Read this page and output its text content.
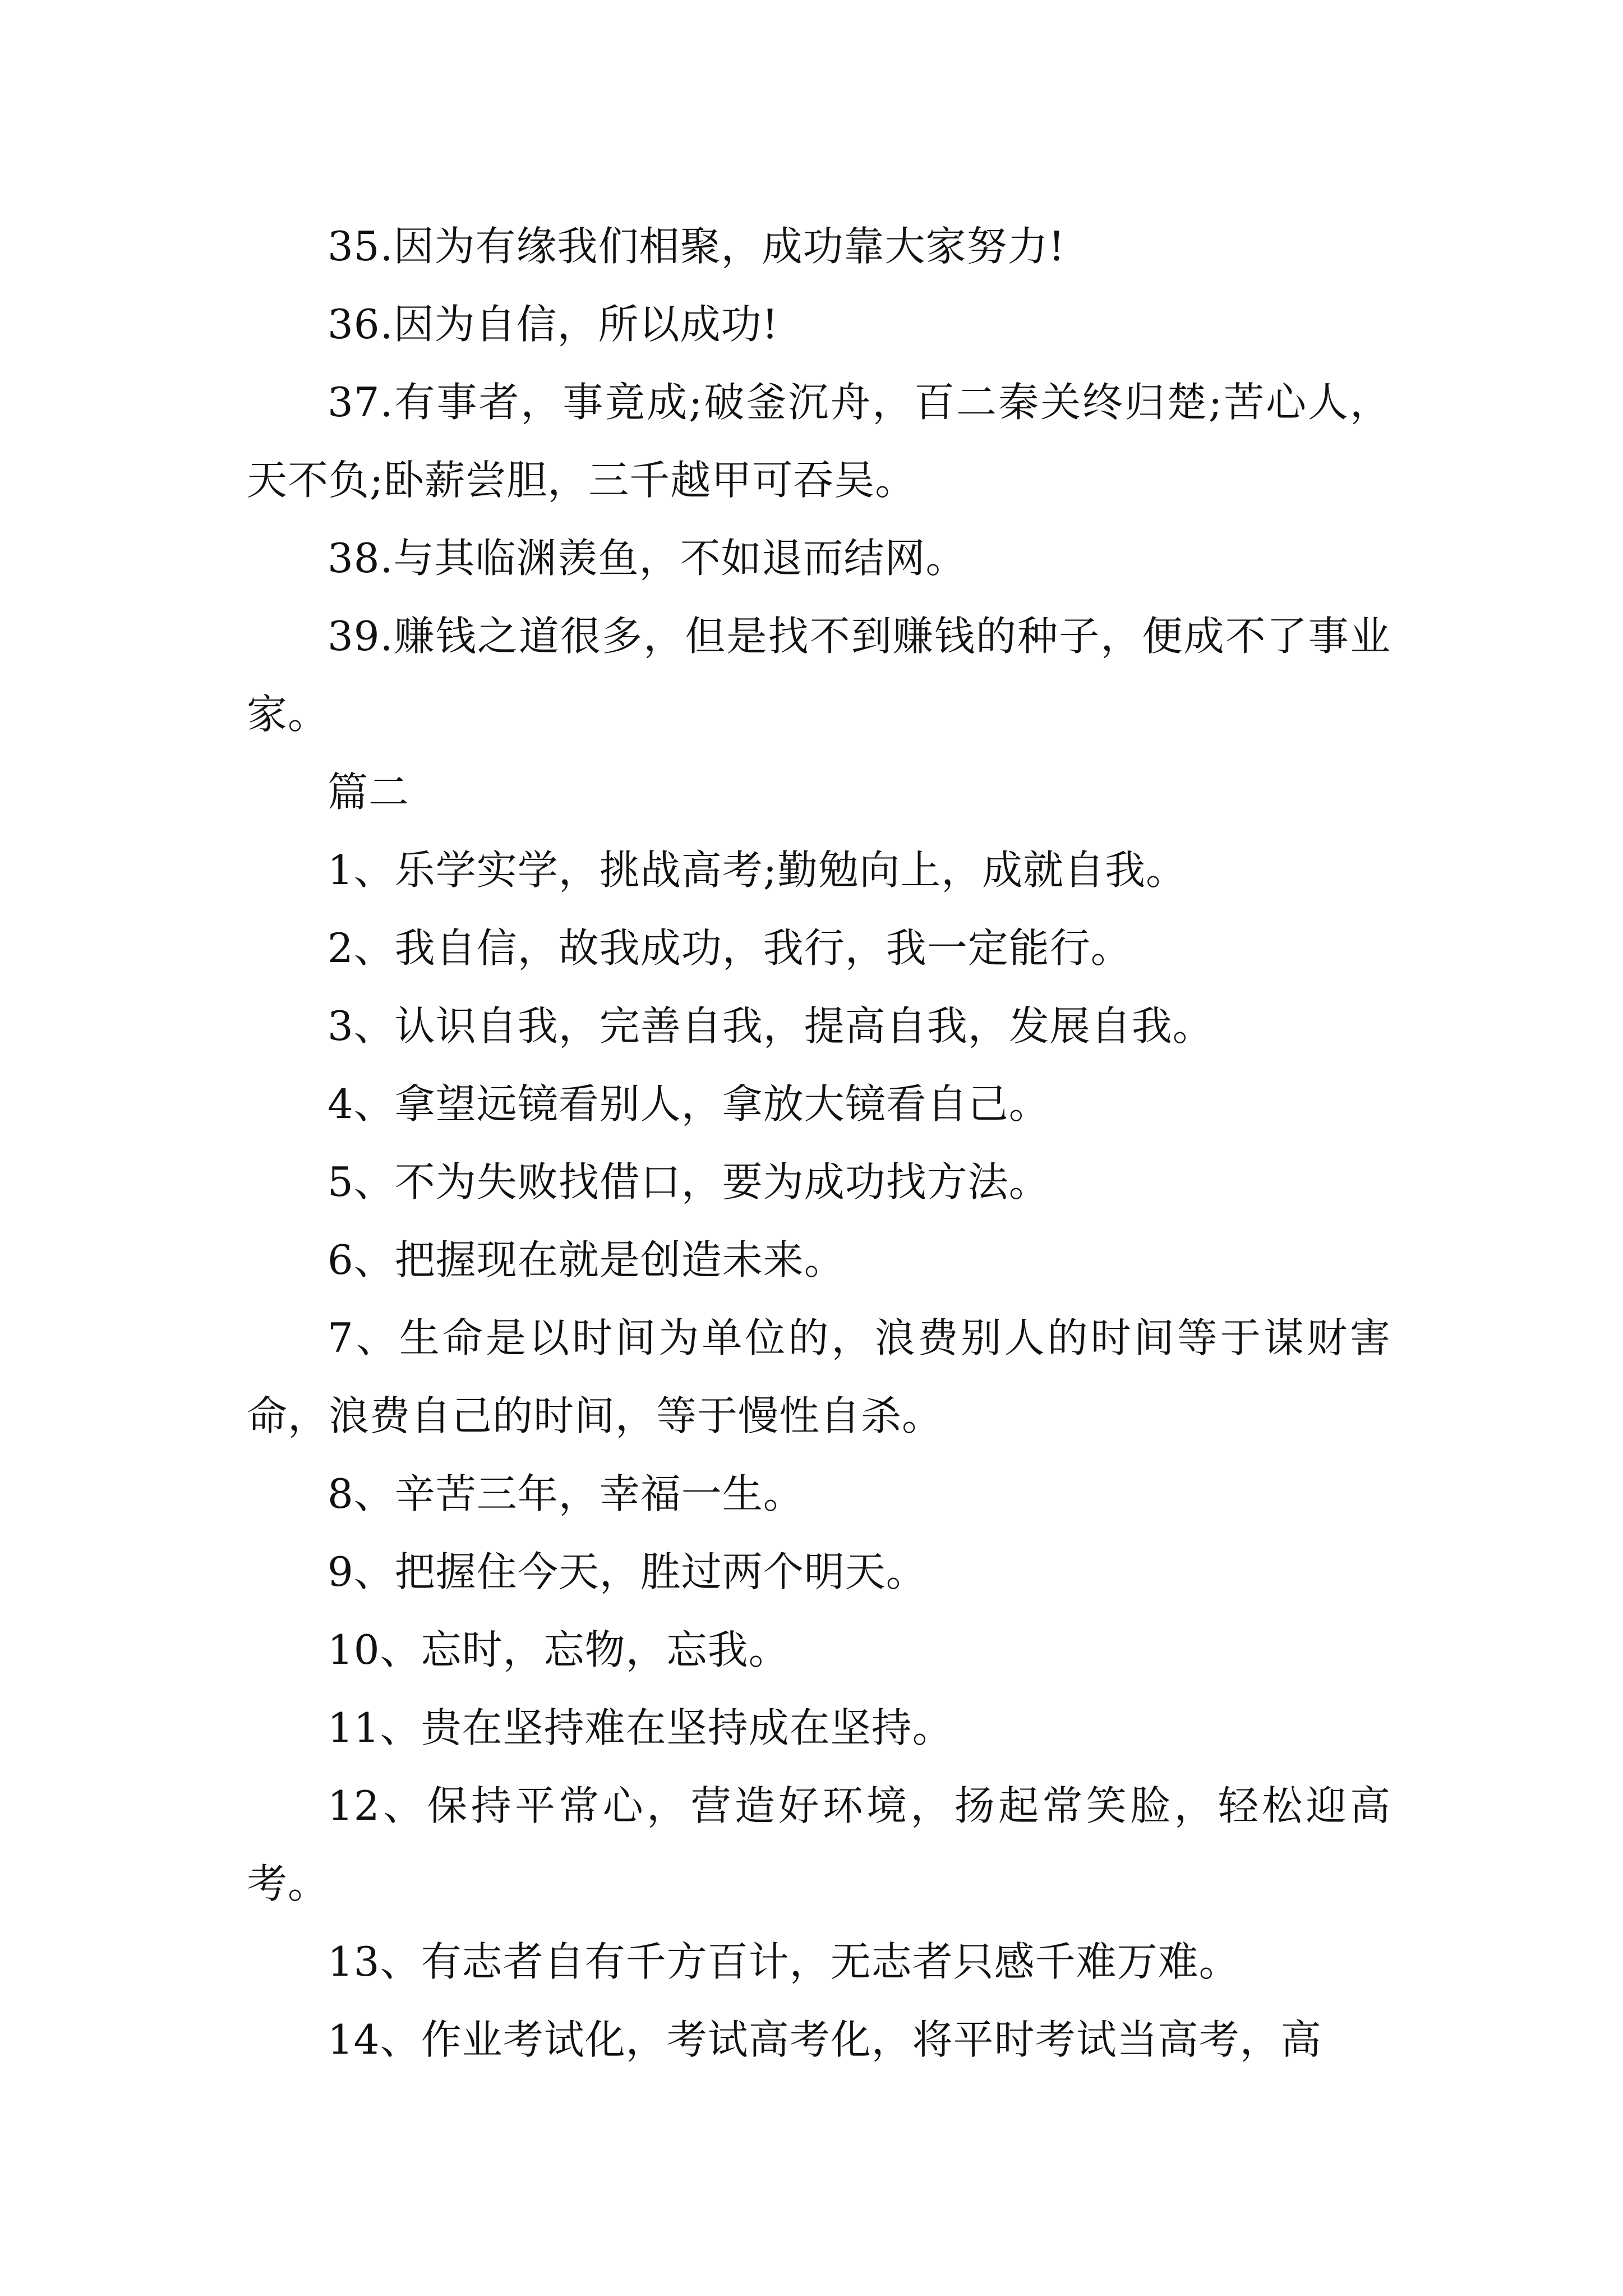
35.因为有缘我们相聚，成功靠大家努力!

36.因为自信，所以成功!

37.有事者，事竟成;破釜沉舟，百二秦关终归楚;苦心人，天不负;卧薪尝胆，三千越甲可吞吴。

38.与其临渊羡鱼，不如退而结网。

39.赚钱之道很多，但是找不到赚钱的种子，便成不了事业家。

篇二

1、乐学实学，挑战高考;勤勉向上，成就自我。

2、我自信，故我成功，我行，我一定能行。

3、认识自我，完善自我，提高自我，发展自我。

4、拿望远镜看别人，拿放大镜看自己。

5、不为失败找借口，要为成功找方法。

6、把握现在就是创造未来。

7、生命是以时间为单位的，浪费别人的时间等于谋财害命，浪费自己的时间，等于慢性自杀。

8、辛苦三年，幸福一生。

9、把握住今天，胜过两个明天。

10、忘时，忘物，忘我。

11、贵在坚持难在坚持成在坚持。

12、保持平常心，营造好环境，扬起常笑脸，轻松迎高考。

13、有志者自有千方百计，无志者只感千难万难。

14、作业考试化，考试高考化，将平时考试当高考，高
